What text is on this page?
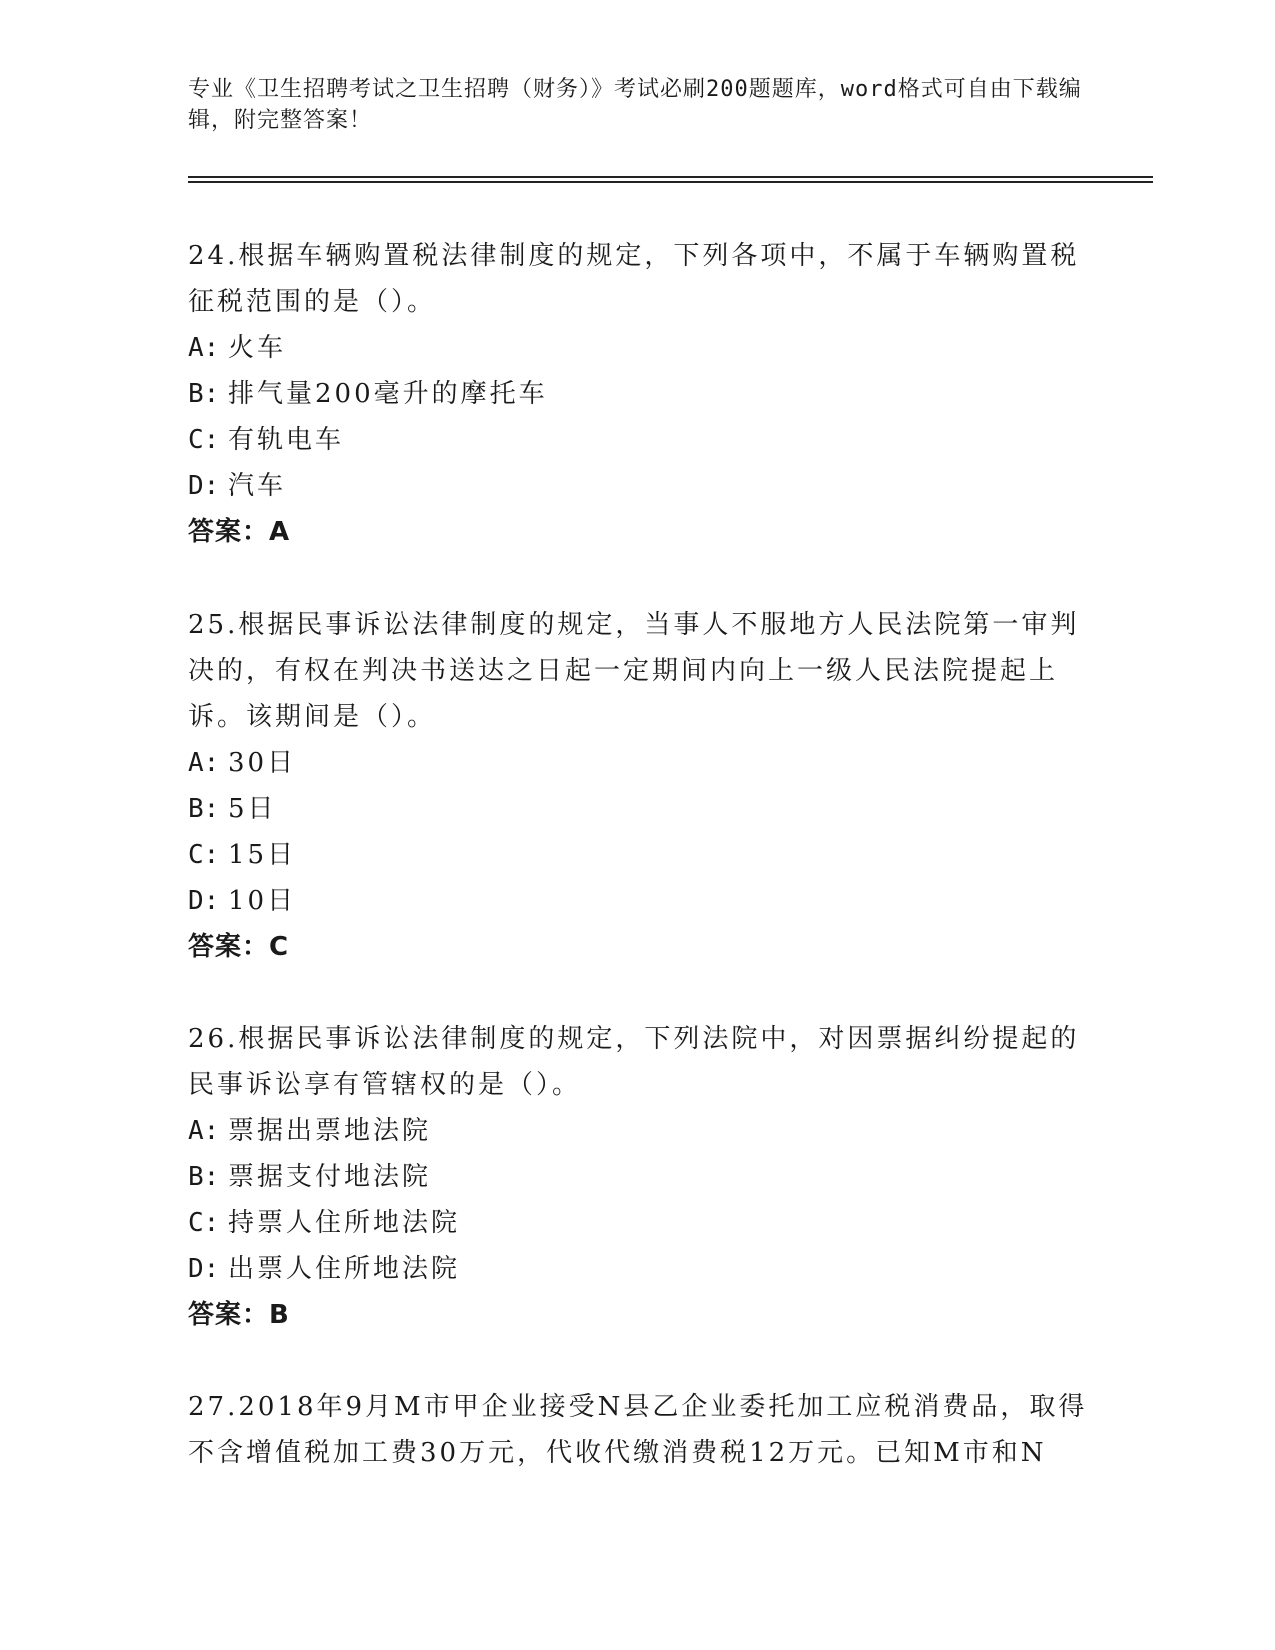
专业《卫生招聘考试之卫生招聘（财务）》考试必刷200题题库，word格式可自由下载编辑，附完整答案！

24.根据车辆购置税法律制度的规定，下列各项中，不属于车辆购置税征税范围的是（）。

A: 火车

B: 排气量200毫升的摩托车

C: 有轨电车

D: 汽车

答案：A

25.根据民事诉讼法律制度的规定，当事人不服地方人民法院第一审判决的，有权在判决书送达之日起一定期间内向上一级人民法院提起上诉。该期间是（）。

A: 30日

B: 5日

C: 15日

D: 10日

答案：C

26.根据民事诉讼法律制度的规定，下列法院中，对因票据纠纷提起的民事诉讼享有管辖权的是（）。

A: 票据出票地法院

B: 票据支付地法院

C: 持票人住所地法院

D: 出票人住所地法院

答案：B

27.2018年9月M市甲企业接受N县乙企业委托加工应税消费品，取得不含增值税加工费30万元，代收代缴消费税12万元。已知M市和N
